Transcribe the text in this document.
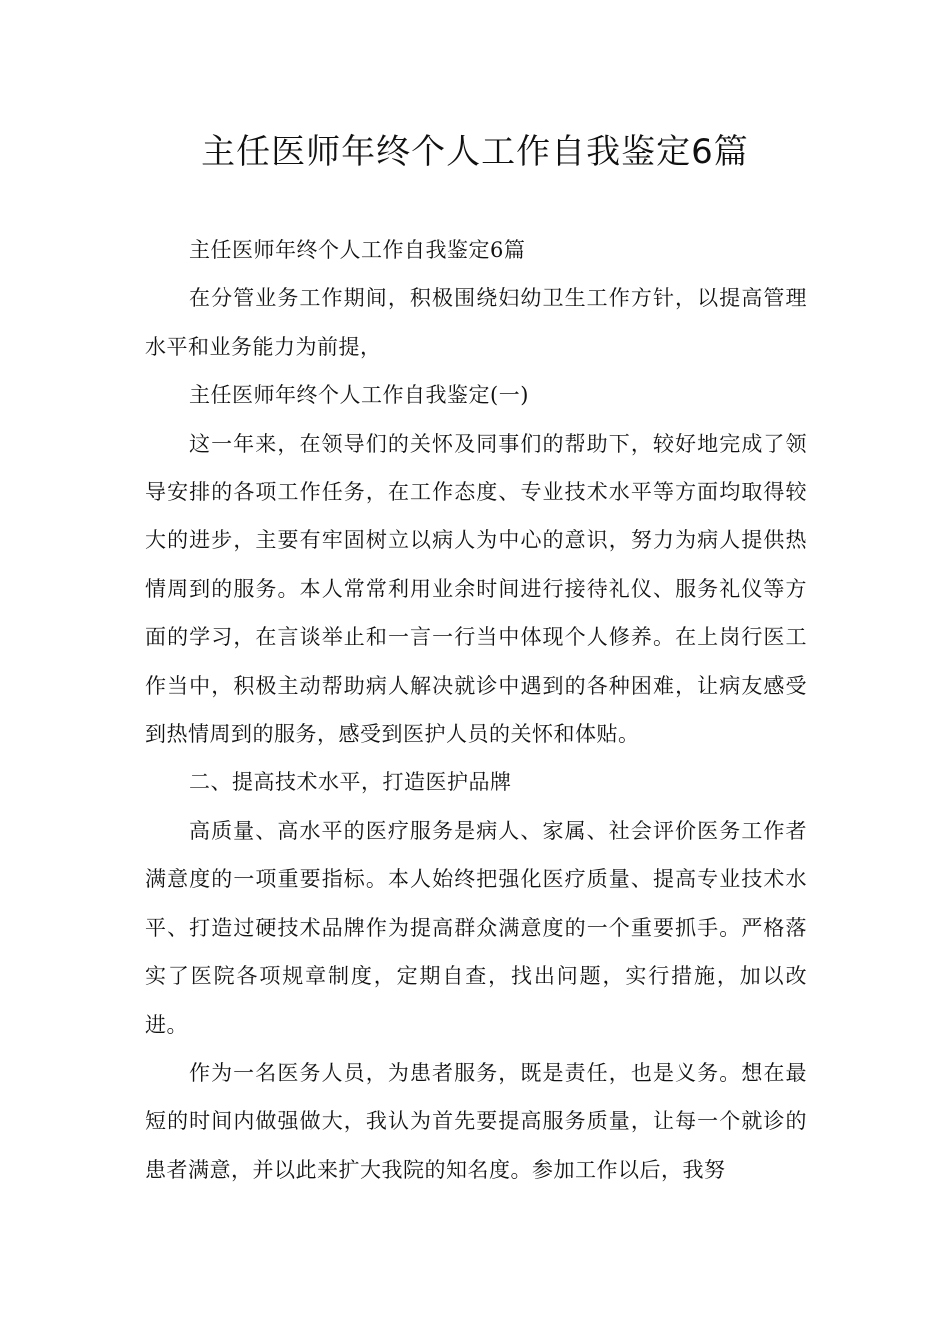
主任医师年终个人工作自我鉴定6篇

主任医师年终个人工作自我鉴定6篇

在分管业务工作期间，积极围绕妇幼卫生工作方针，以提高管理水平和业务能力为前提，

主任医师年终个人工作自我鉴定(一)

这一年来，在领导们的关怀及同事们的帮助下，较好地完成了领导安排的各项工作任务，在工作态度、专业技术水平等方面均取得较大的进步，主要有牢固树立以病人为中心的意识，努力为病人提供热情周到的服务。本人常常利用业余时间进行接待礼仪、服务礼仪等方面的学习，在言谈举止和一言一行当中体现个人修养。在上岗行医工作当中，积极主动帮助病人解决就诊中遇到的各种困难，让病友感受到热情周到的服务，感受到医护人员的关怀和体贴。

二、提高技术水平，打造医护品牌

高质量、高水平的医疗服务是病人、家属、社会评价医务工作者满意度的一项重要指标。本人始终把强化医疗质量、提高专业技术水平、打造过硬技术品牌作为提高群众满意度的一个重要抓手。严格落实了医院各项规章制度，定期自查，找出问题，实行措施，加以改进。

作为一名医务人员，为患者服务，既是责任，也是义务。想在最短的时间内做强做大，我认为首先要提高服务质量，让每一个就诊的患者满意，并以此来扩大我院的知名度。参加工作以后，我努
